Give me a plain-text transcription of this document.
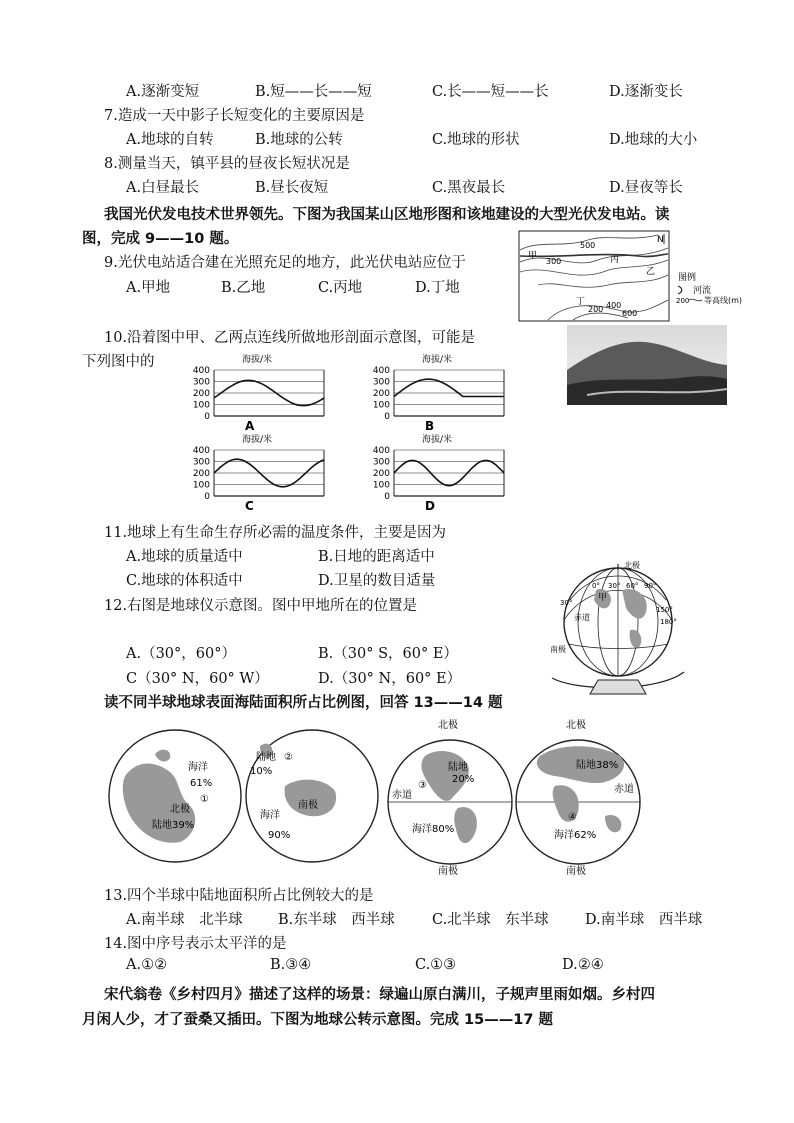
A.逐渐变短	B.短——长——短	C.长——短——长	D.逐渐变长
7.造成一天中影子长短变化的主要原因是
A.地球的自转	B.地球的公转	C.地球的形状	D.地球的大小
8.测量当天，镇平县的昼夜长短状况是
A.白昼最长	B.昼长夜短	C.黑夜最长	D.昼夜等长
我国光伏发电技术世界领先。下图为我国某山区地形图和该地建设的大型光伏发电站。读
图，完成 9——10 题。
9.光伏电站适合建在光照充足的地方，此光伏电站应位于
A.甲地	B.乙地	C.丙地	D.丁地
甲
300
500
丙
乙
丁
200 400
600
N
图例
河流
200 等高线(m)
10.沿着图中甲、乙两点连线所做地形剖面示意图，可能是
下列图中的	海拔/米
400
300
200
100
0
A
海拔/米
400
300
200
100
0
B
海拔/米
400
300
200
100
0
C
海拔/米
400
300
200
100
0
D
11.地球上有生命生存所必需的温度条件，主要是因为
A.地球的质量适中	B.日地的距离适中
C.地球的体积适中	D.卫星的数目适量
12.右图是地球仪示意图。图中甲地所在的位置是
A.（30°，60°）	B.（30° S，60° E）
C（30° N，60° W）	D.（30° N，60° E）
北极
南极
甲
赤道
30°
0° 30° 60° 90°
150°
180°
读不同半球地球表面海陆面积所占比例图，回答 13——14 题
海洋
61%
①
北极
陆地39%
陆地
10%
②
海洋
南极
90%
北极
陆地
20%
③
赤道
海洋80%
南极
北极
陆地38%
赤道
④
海洋62%
南极
13.四个半球中陆地面积所占比例较大的是
A.南半球　北半球 B.东半球　西半球	C.北半球　东半球	D.南半球　西半球
14.图中序号表示太平洋的是
A.①②	B.③④	C.①③	D.②④
宋代翁卷《乡村四月》描述了这样的场景：绿遍山原白满川，子规声里雨如烟。乡村四
月闲人少，才了蚕桑又插田。下图为地球公转示意图。完成 15——17 题
